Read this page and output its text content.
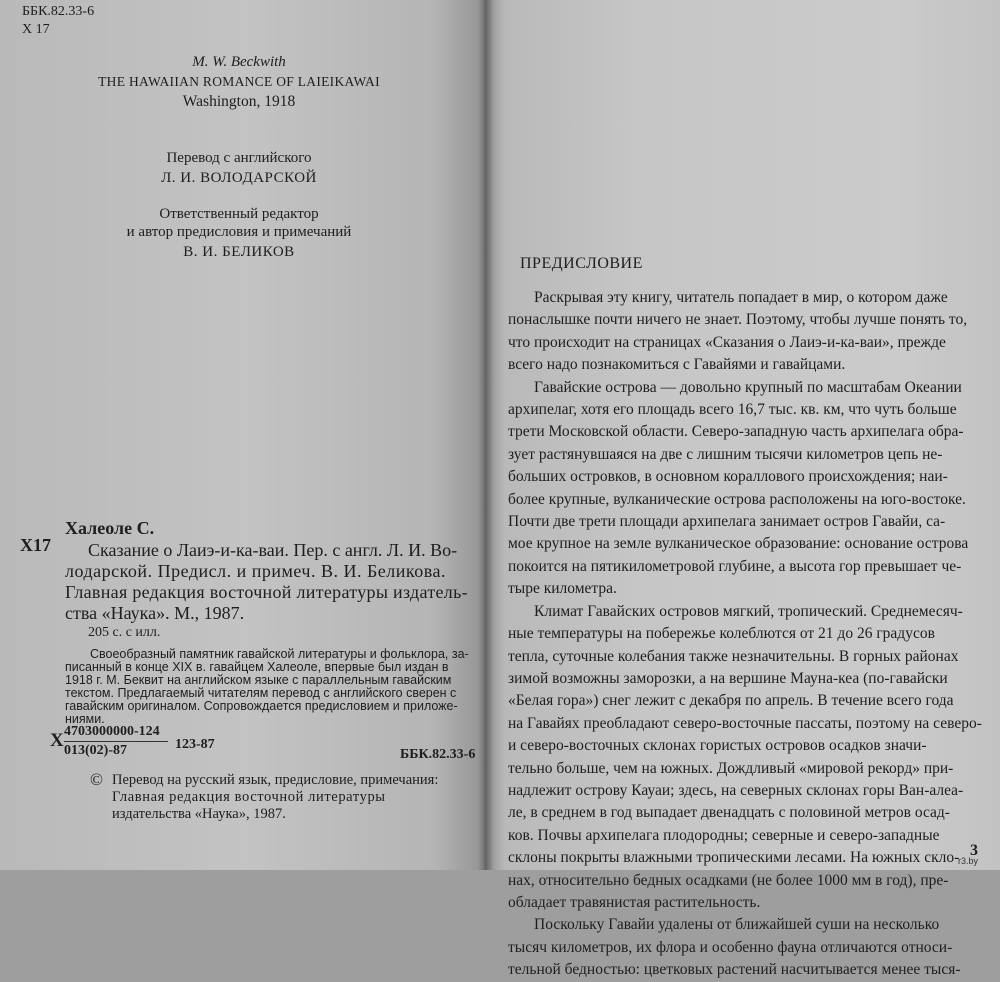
ББК.82.33-6
Х 17
M. W. Beckwith
THE HAWAIIAN ROMANCE OF LAIEIKAWAI
Washington, 1918
Перевод с английского
Л. И. ВОЛОДАРСКОЙ
Ответственный редактор
и автор предисловия и примечаний
В. И. БЕЛИКОВ
Х17
Халеоле С.
Сказание о Лаиэ-и-ка-ваи. Пер. с англ. Л. И. Во-
лодарской. Предисл. и примеч. В. И. Беликова.
Главная редакция восточной литературы издатель-
ства «Наука». М., 1987.
205 с. с илл.
Своеобразный памятник гавайской литературы и фольклора, за-
писанный в конце XIX в. гавайцем Халеоле, впервые был издан в
1918 г. М. Беквит на английском языке с параллельным гавайским
текстом. Предлагаемый читателям перевод с английского сверен с
гавайским оригиналом. Сопровождается предисловием и приложе-
ниями.
Х 4703000000-124
013(02)-87	123-87
ББК.82.33-6
© Перевод на русский язык, предисловие, примечания:
Главная редакция восточной литературы
издательства «Наука», 1987.
ПРЕДИСЛОВИЕ
Раскрывая эту книгу, читатель попадает в мир, о котором даже
понаслышке почти ничего не знает. Поэтому, чтобы лучше понять то,
что происходит на страницах «Сказания о Лаиэ-и-ка-ваи», прежде
всего надо познакомиться с Гавайями и гавайцами.
Гавайские острова — довольно крупный по масштабам Океании
архипелаг, хотя его площадь всего 16,7 тыс. кв. км, что чуть больше
трети Московской области. Северо-западную часть архипелага обра-
зует растянувшаяся на две с лишним тысячи километров цепь не-
больших островков, в основном кораллового происхождения; наи-
более крупные, вулканические острова расположены на юго-востоке.
Почти две трети площади архипелага занимает остров Гавайи, са-
мое крупное на земле вулканическое образование: основание острова
покоится на пятикилометровой глубине, а высота гор превышает че-
тыре километра.
Климат Гавайских островов мягкий, тропический. Среднемесяч-
ные температуры на побережье колеблются от 21 до 26 градусов
тепла, суточные колебания также незначительны. В горных районах
зимой возможны заморозки, а на вершине Мауна-кеа (по-гавайски
«Белая гора») снег лежит с декабря по апрель. В течение всего года
на Гавайях преобладают северо-восточные пассаты, поэтому на северо-
и северо-восточных склонах гористых островов осадков значи-
тельно больше, чем на южных. Дождливый «мировой рекорд» при-
надлежит острову Кауаи; здесь, на северных склонах горы Ван-алеа-
ле, в среднем в год выпадает двенадцать с половиной метров осад-
ков. Почвы архипелага плодородны; северные и северо-западные
склоны покрыты влажными тропическими лесами. На южных скло-
нах, относительно бедных осадками (не более 1000 мм в год), пре-
обладает травянистая растительность.
Поскольку Гавайи удалены от ближайшей суши на несколько
тысяч километров, их флора и особенно фауна отличаются относи-
тельной бедностью: цветковых растений насчитывается менее тыся-
3
r3.by
